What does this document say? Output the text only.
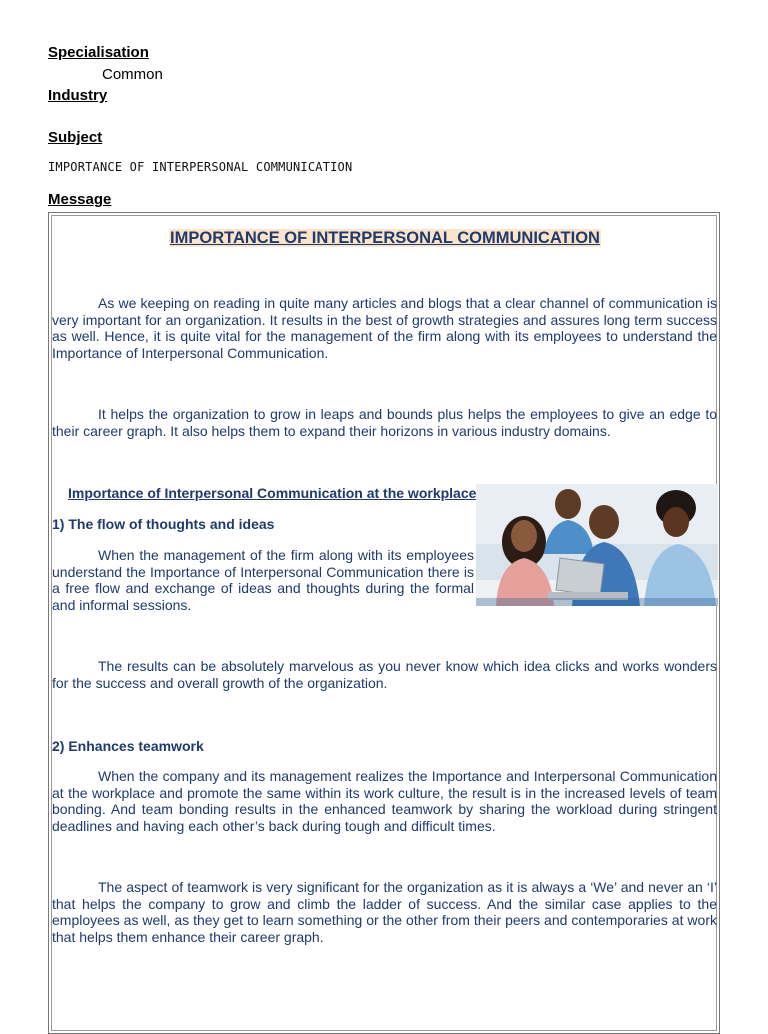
Specialisation
Common
Industry
Subject
IMPORTANCE OF INTERPERSONAL COMMUNICATION
Message
IMPORTANCE OF INTERPERSONAL COMMUNICATION
As we keeping on reading in quite many articles and blogs that a clear channel of communication is very important for an organization. It results in the best of growth strategies and assures long term success as well. Hence, it is quite vital for the management of the firm along with its employees to understand the Importance of Interpersonal Communication.
It helps the organization to grow in leaps and bounds plus helps the employees to give an edge to their career graph. It also helps them to expand their horizons in various industry domains.
Importance of Interpersonal Communication at the workplace
1) The flow of thoughts and ideas
When the management of the firm along with its employees understand the Importance of Interpersonal Communication there is a free flow and exchange of ideas and thoughts during the formal and informal sessions.
The results can be absolutely marvelous as you never know which idea clicks and works wonders for the success and overall growth of the organization.
2) Enhances teamwork
When the company and its management realizes the Importance and Interpersonal Communication at the workplace and promote the same within its work culture, the result is in the increased levels of team bonding. And team bonding results in the enhanced teamwork by sharing the workload during stringent deadlines and having each other’s back during tough and difficult times.
The aspect of teamwork is very significant for the organization as it is always a ‘We’ and never an ‘I’ that helps the company to grow and climb the ladder of success. And the similar case applies to the employees as well, as they get to learn something or the other from their peers and contemporaries at work that helps them enhance their career graph.
